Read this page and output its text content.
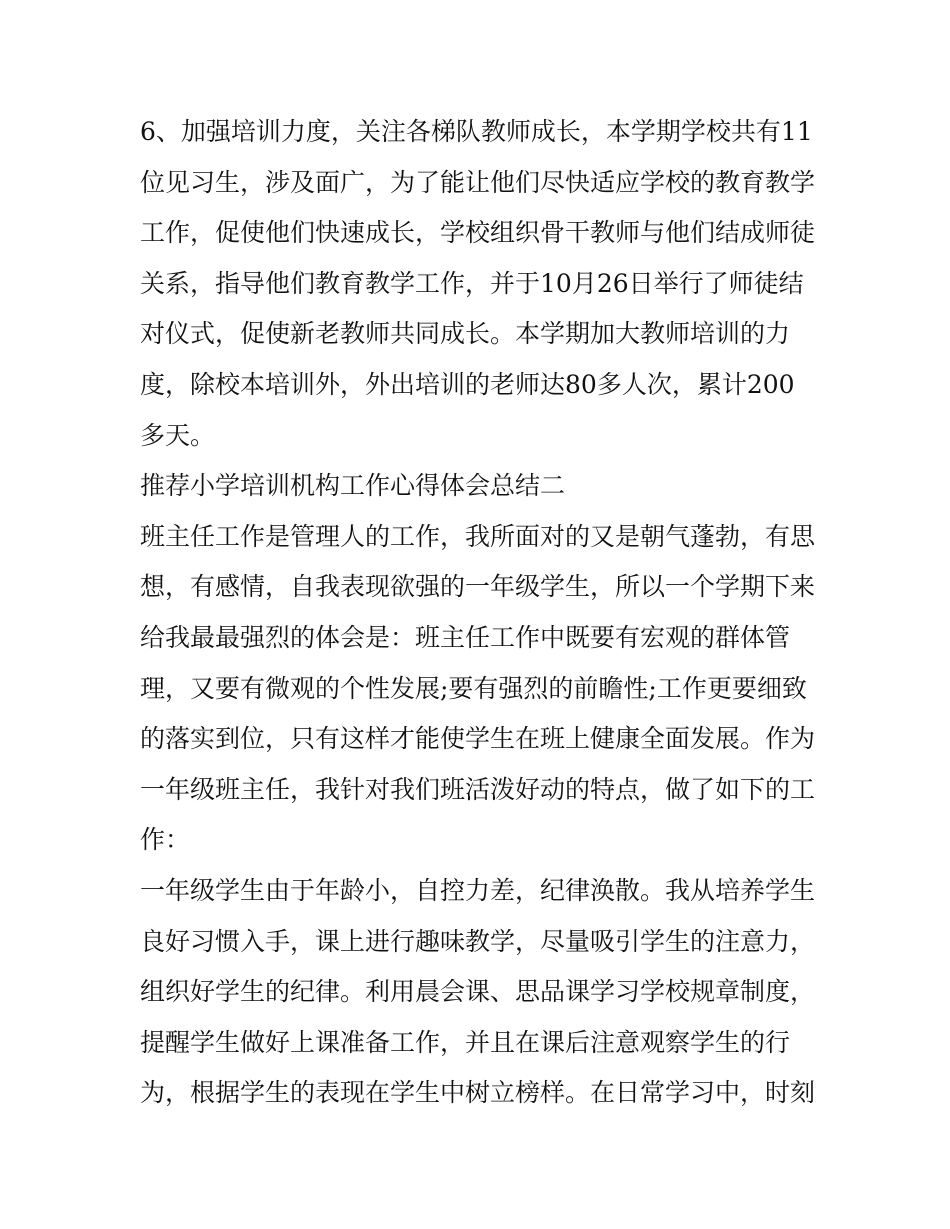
6、加强培训力度，关注各梯队教师成长，本学期学校共有11
位见习生，涉及面广，为了能让他们尽快适应学校的教育教学
工作，促使他们快速成长，学校组织骨干教师与他们结成师徒
关系，指导他们教育教学工作，并于10月26日举行了师徒结
对仪式，促使新老教师共同成长。本学期加大教师培训的力
度，除校本培训外，外出培训的老师达80多人次，累计200
多天。
推荐小学培训机构工作心得体会总结二
班主任工作是管理人的工作，我所面对的又是朝气蓬勃，有思
想，有感情，自我表现欲强的一年级学生，所以一个学期下来
给我最最强烈的体会是：班主任工作中既要有宏观的群体管
理，又要有微观的个性发展;要有强烈的前瞻性;工作更要细致
的落实到位，只有这样才能使学生在班上健康全面发展。作为
一年级班主任，我针对我们班活泼好动的特点，做了如下的工
作：
一年级学生由于年龄小，自控力差，纪律涣散。我从培养学生
良好习惯入手，课上进行趣味教学，尽量吸引学生的注意力，
组织好学生的纪律。利用晨会课、思品课学习学校规章制度，
提醒学生做好上课准备工作，并且在课后注意观察学生的行
为，根据学生的表现在学生中树立榜样。在日常学习中，时刻
